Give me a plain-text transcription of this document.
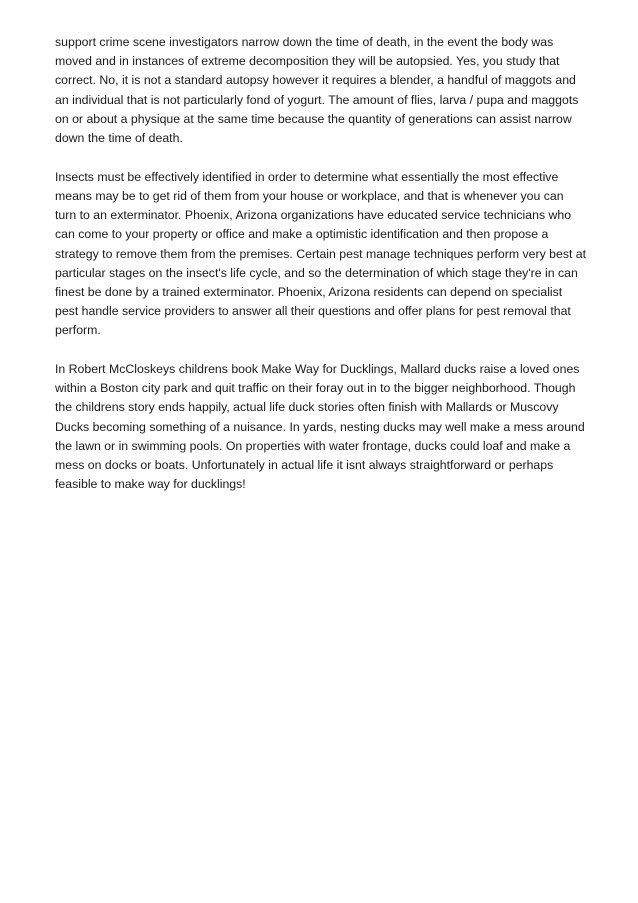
support crime scene investigators narrow down the time of death, in the event the body was moved and in instances of extreme decomposition they will be autopsied. Yes, you study that correct. No, it is not a standard autopsy however it requires a blender, a handful of maggots and an individual that is not particularly fond of yogurt. The amount of flies, larva / pupa and maggots on or about a physique at the same time because the quantity of generations can assist narrow down the time of death.

Insects must be effectively identified in order to determine what essentially the most effective means may be to get rid of them from your house or workplace, and that is whenever you can turn to an exterminator. Phoenix, Arizona organizations have educated service technicians who can come to your property or office and make a optimistic identification and then propose a strategy to remove them from the premises. Certain pest manage techniques perform very best at particular stages on the insect's life cycle, and so the determination of which stage they're in can finest be done by a trained exterminator. Phoenix, Arizona residents can depend on specialist pest handle service providers to answer all their questions and offer plans for pest removal that perform.

In Robert McCloskeys childrens book Make Way for Ducklings, Mallard ducks raise a loved ones within a Boston city park and quit traffic on their foray out in to the bigger neighborhood. Though the childrens story ends happily, actual life duck stories often finish with Mallards or Muscovy Ducks becoming something of a nuisance. In yards, nesting ducks may well make a mess around the lawn or in swimming pools. On properties with water frontage, ducks could loaf and make a mess on docks or boats. Unfortunately in actual life it isnt always straightforward or perhaps feasible to make way for ducklings!
